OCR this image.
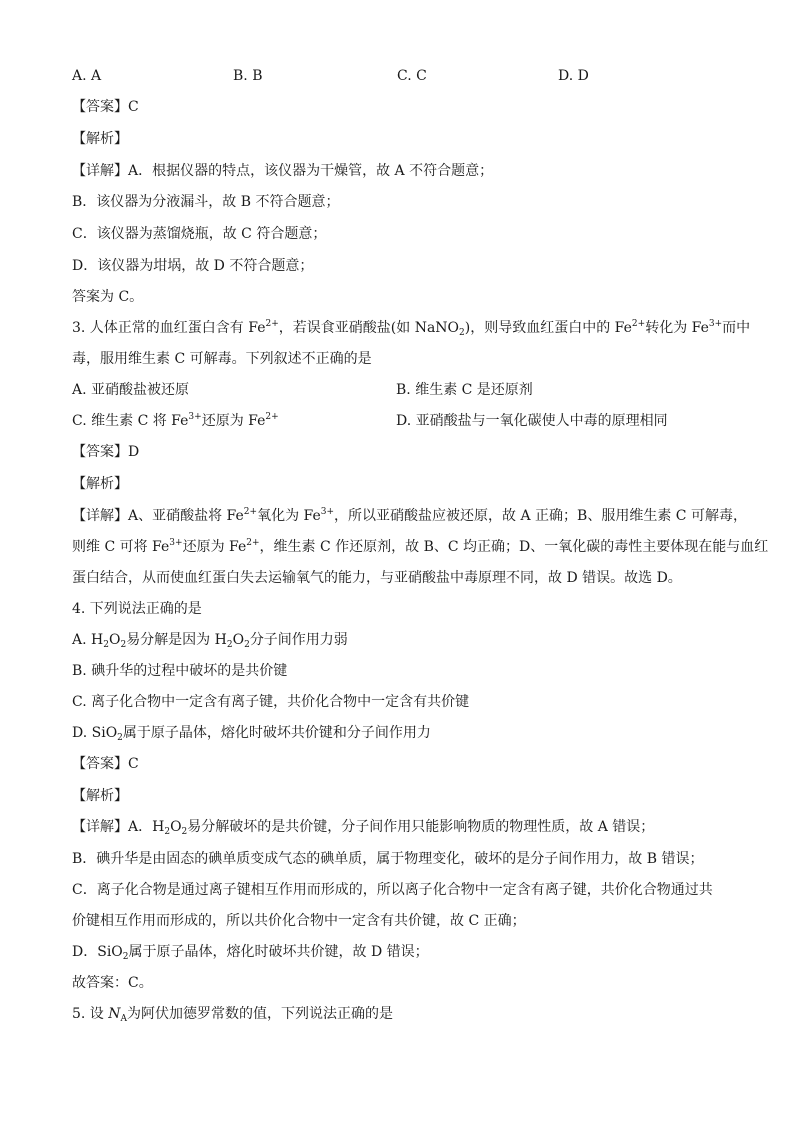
A. A	B. B	C. C	D. D
【答案】C
【解析】
【详解】A．根据仪器的特点，该仪器为干燥管，故 A 不符合题意；
B．该仪器为分液漏斗，故 B 不符合题意；
C．该仪器为蒸馏烧瓶，故 C 符合题意；
D．该仪器为坩埚，故 D 不符合题意；
答案为 C。
3. 人体正常的血红蛋白含有 $Fe^{2+}$，若误食亚硝酸盐(如 NaNO$_2$)，则导致血红蛋白中的 $Fe^{2+}$转化为 $Fe^{3+}$而中
毒，服用维生素 C 可解毒。下列叙述不正确的是
A. 亚硝酸盐被还原	B. 维生素 C 是还原剂
C. 维生素 C 将 $Fe^{3+}$还原为 $Fe^{2+}$	D. 亚硝酸盐与一氧化碳使人中毒的原理相同
【答案】D
【解析】
【详解】A、亚硝酸盐将 $Fe^{2+}$氧化为 $Fe^{3+}$，所以亚硝酸盐应被还原，故 A 正确；B、服用维生素 C 可解毒，
则维 C 可将 $Fe^{3+}$还原为 $Fe^{2+}$，维生素 C 作还原剂，故 B、C 均正确；D、一氧化碳的毒性主要体现在能与血红
蛋白结合，从而使血红蛋白失去运输氧气的能力，与亚硝酸盐中毒原理不同，故 D 错误。故选 D。
4. 下列说法正确的是
A. $H_2O_2$易分解是因为 $H_2O_2$分子间作用力弱
B. 碘升华的过程中破坏的是共价键
C. 离子化合物中一定含有离子键，共价化合物中一定含有共价键
D. SiO$_2$属于原子晶体，熔化时破坏共价键和分子间作用力
【答案】C
【解析】
【详解】A．$H_2O_2$易分解破坏的是共价键，分子间作用只能影响物质的物理性质，故 A 错误；
B．碘升华是由固态的碘单质变成气态的碘单质，属于物理变化，破坏的是分子间作用力，故 B 错误；
C．离子化合物是通过离子键相互作用而形成的，所以离子化合物中一定含有离子键，共价化合物通过共
价键相互作用而形成的，所以共价化合物中一定含有共价键，故 C 正确；
D．SiO$_2$属于原子晶体，熔化时破坏共价键，故 D 错误；
故答案：C。
5. 设 $N_A$为阿伏加德罗常数的值，下列说法正确的是
